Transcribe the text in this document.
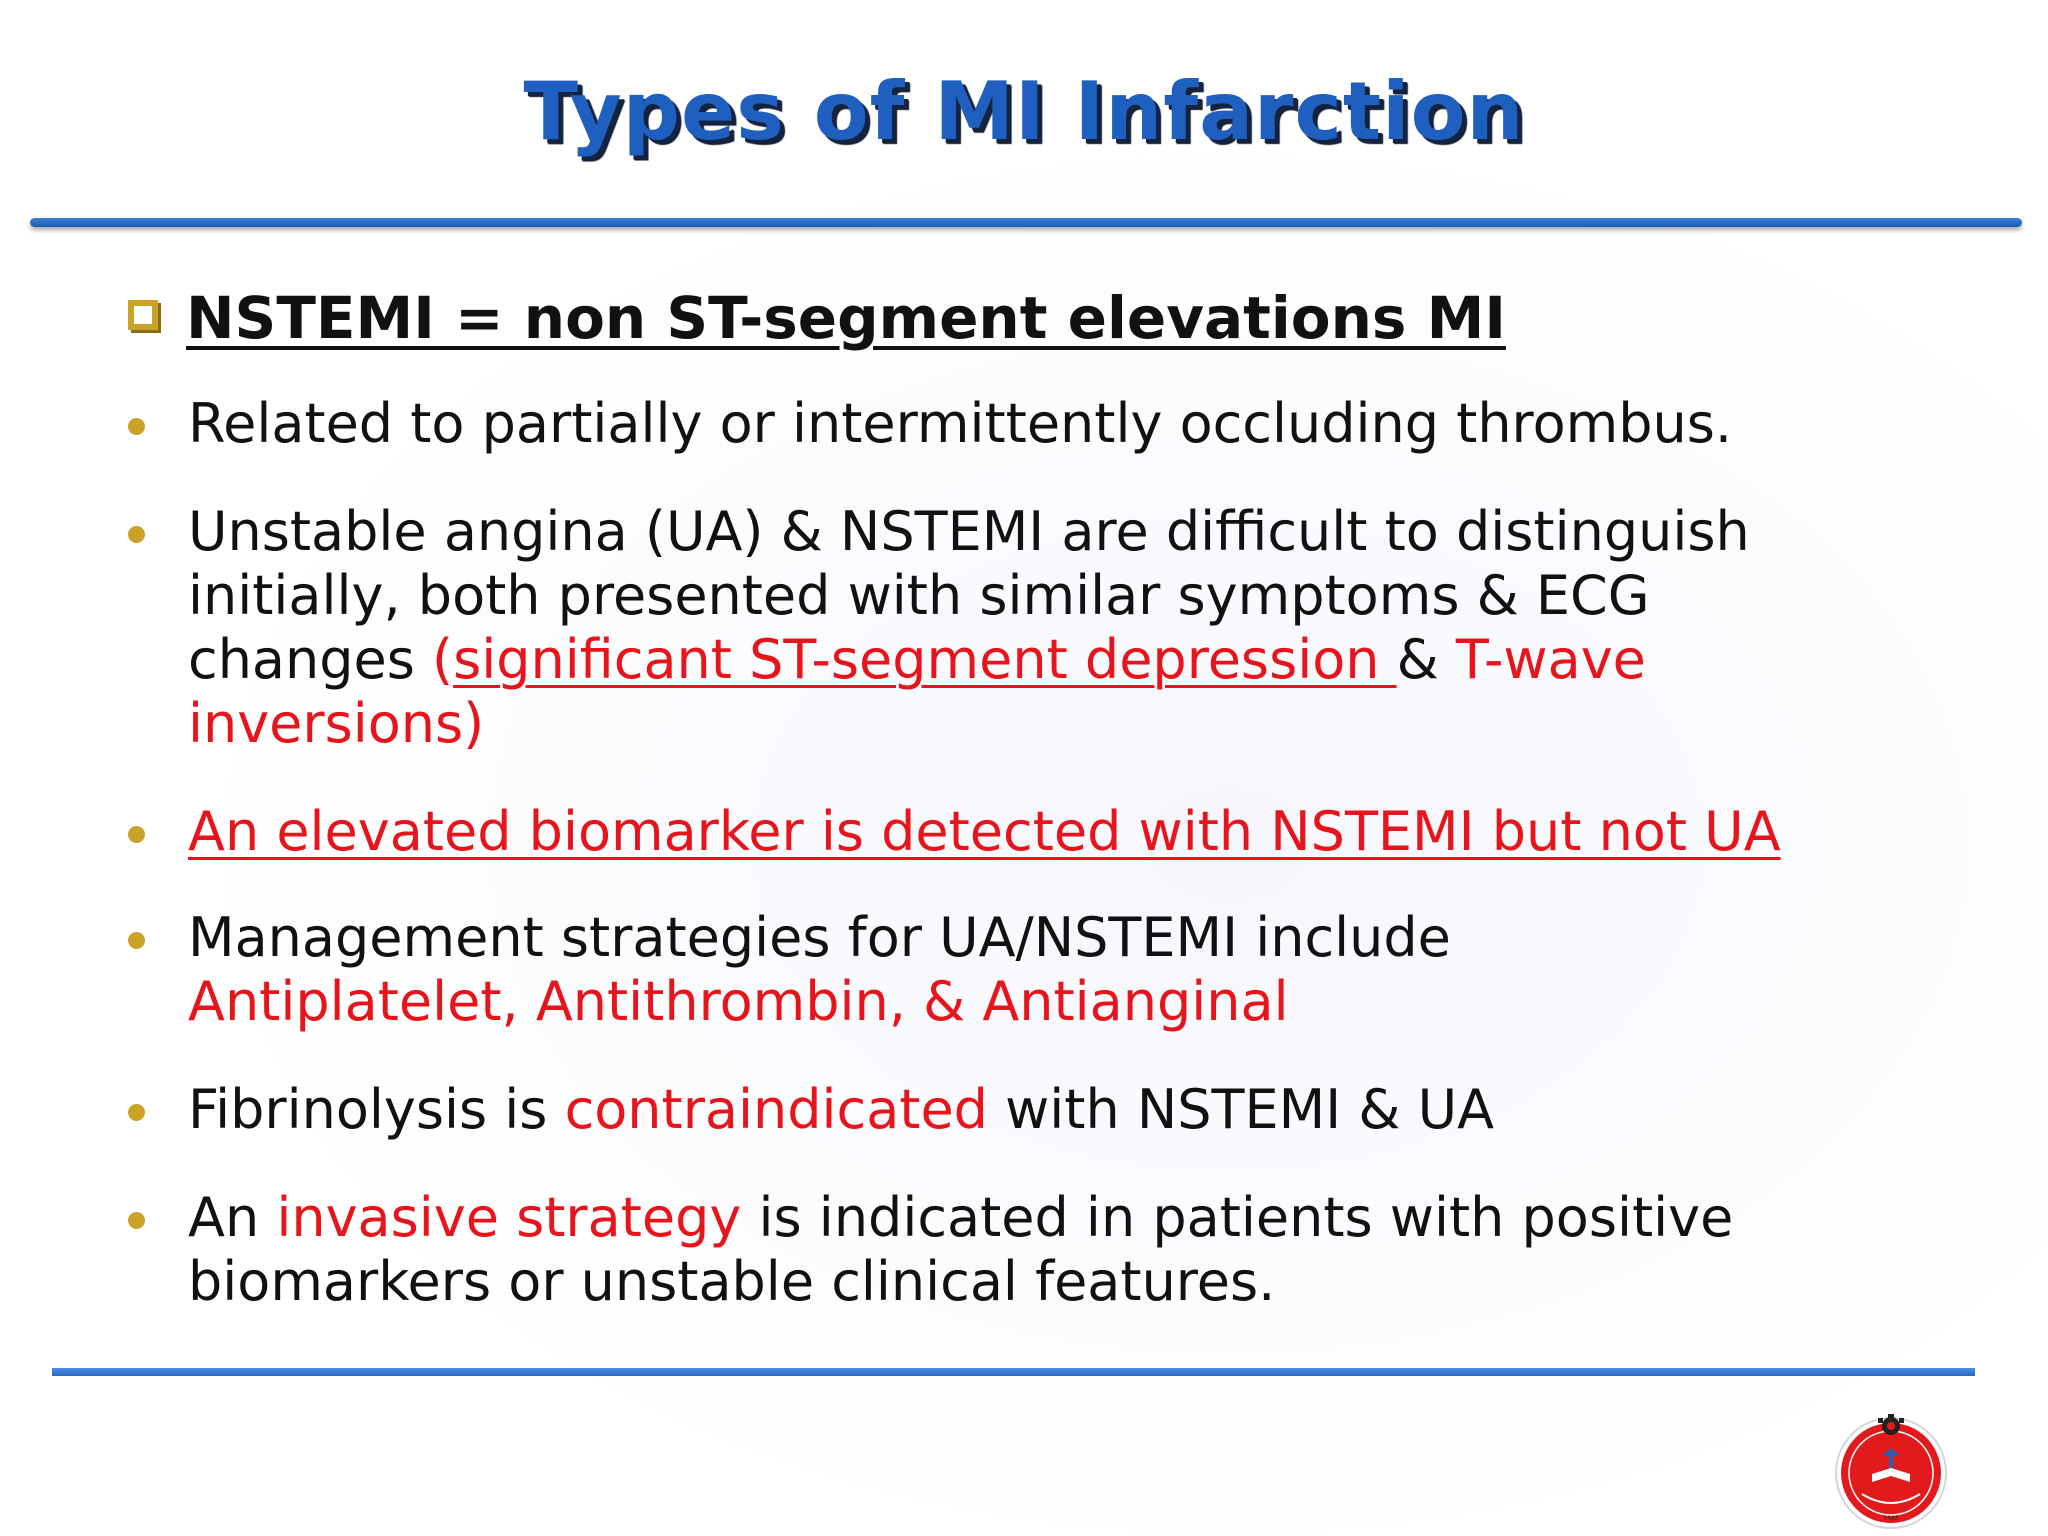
Types of MI Infarction
NSTEMI = non ST-segment elevations MI
Related to partially or intermittently occluding thrombus.
Unstable angina (UA) & NSTEMI are difficult to distinguish
initially, both presented with similar symptoms & ECG
changes (significant ST-segment depression & T-wave
inversions)
An elevated biomarker is detected with NSTEMI but not UA
Management strategies for UA/NSTEMI include
Antiplatelet, Antithrombin, & Antianginal
Fibrinolysis is contraindicated with NSTEMI & UA
An invasive strategy is indicated in patients with positive
biomarkers or unstable clinical features.
١٩٨٨
